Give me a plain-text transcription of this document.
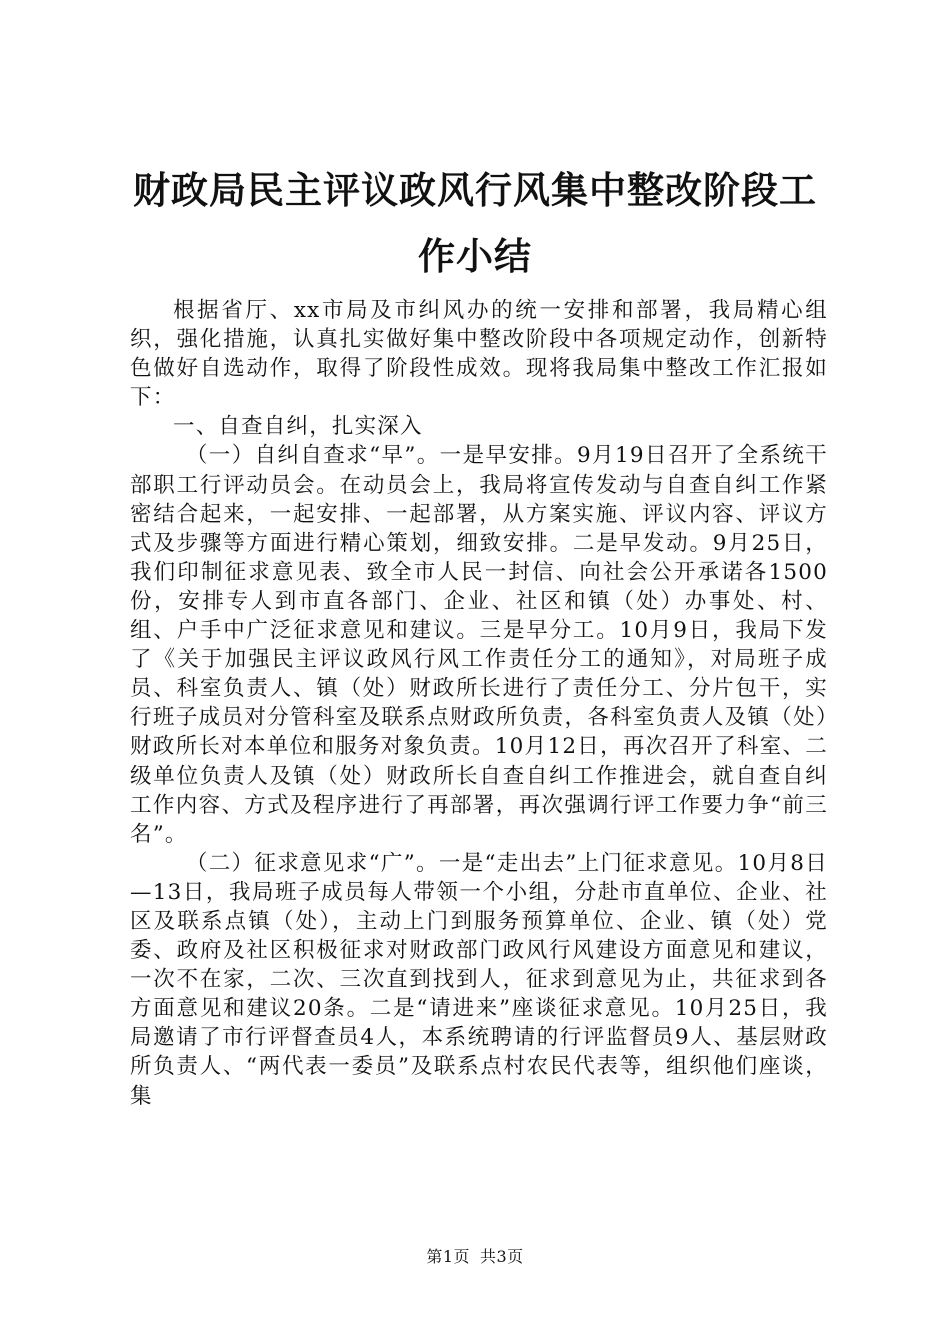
财政局民主评议政风行风集中整改阶段工作小结

根据省厅、xx市局及市纠风办的统一安排和部署，我局精心组织，强化措施，认真扎实做好集中整改阶段中各项规定动作，创新特色做好自选动作，取得了阶段性成效。现将我局集中整改工作汇报如下：

一、自查自纠，扎实深入

（一）自纠自查求“早”。一是早安排。9月19日召开了全系统干部职工行评动员会。在动员会上，我局将宣传发动与自查自纠工作紧密结合起来，一起安排、一起部署，从方案实施、评议内容、评议方式及步骤等方面进行精心策划，细致安排。二是早发动。9月25日，我们印制征求意见表、致全市人民一封信、向社会公开承诺各1500份，安排专人到市直各部门、企业、社区和镇（处）办事处、村、组、户手中广泛征求意见和建议。三是早分工。10月9日，我局下发了《关于加强民主评议政风行风工作责任分工的通知》，对局班子成员、科室负责人、镇（处）财政所长进行了责任分工、分片包干，实行班子成员对分管科室及联系点财政所负责，各科室负责人及镇（处）财政所长对本单位和服务对象负责。10月12日，再次召开了科室、二级单位负责人及镇（处）财政所长自查自纠工作推进会，就自查自纠工作内容、方式及程序进行了再部署，再次强调行评工作要力争“前三名”。

（二）征求意见求“广”。一是“走出去”上门征求意见。10月8日—13日，我局班子成员每人带领一个小组，分赴市直单位、企业、社区及联系点镇（处），主动上门到服务预算单位、企业、镇（处）党委、政府及社区积极征求对财政部门政风行风建设方面意见和建议，一次不在家，二次、三次直到找到人，征求到意见为止，共征求到各方面意见和建议20条。二是“请进来”座谈征求意见。10月25日，我局邀请了市行评督查员4人，本系统聘请的行评监督员9人、基层财政所负责人、“两代表一委员”及联系点村农民代表等，组织他们座谈，集

第1页 共3页
